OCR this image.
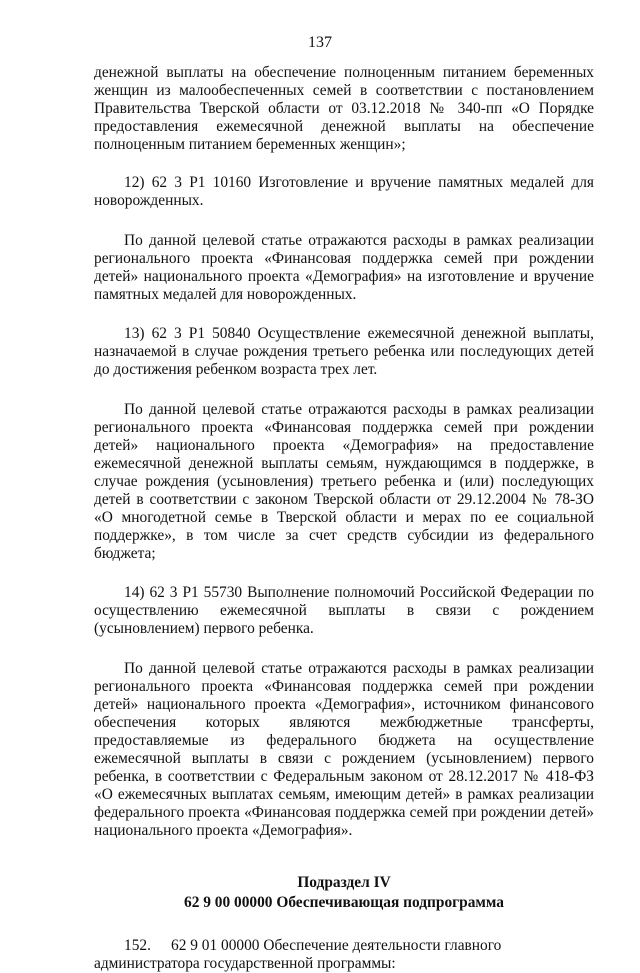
137

денежной выплаты на обеспечение полноценным питанием беременных женщин из малообеспеченных семей в соответствии с постановлением Правительства Тверской области от 03.12.2018 № 340-пп «О Порядке предоставления ежемесячной денежной выплаты на обеспечение полноценным питанием беременных женщин»;

12) 62 3 Р1 10160 Изготовление и вручение памятных медалей для новорожденных.

По данной целевой статье отражаются расходы в рамках реализации регионального проекта «Финансовая поддержка семей при рождении детей» национального проекта «Демография» на изготовление и вручение памятных медалей для новорожденных.

13) 62 3 Р1 50840 Осуществление ежемесячной денежной выплаты, назначаемой в случае рождения третьего ребенка или последующих детей до достижения ребенком возраста трех лет.

По данной целевой статье отражаются расходы в рамках реализации регионального проекта «Финансовая поддержка семей при рождении детей» национального проекта «Демография» на предоставление ежемесячной денежной выплаты семьям, нуждающимся в поддержке, в случае рождения (усыновления) третьего ребенка и (или) последующих детей в соответствии с законом Тверской области от 29.12.2004 № 78-ЗО «О многодетной семье в Тверской области и мерах по ее социальной поддержке», в том числе за счет средств субсидии из федерального бюджета;

14) 62 3 Р1 55730 Выполнение полномочий Российской Федерации по осуществлению ежемесячной выплаты в связи с рождением (усыновлением) первого ребенка.

По данной целевой статье отражаются расходы в рамках реализации регионального проекта «Финансовая поддержка семей при рождении детей» национального проекта «Демография», источником финансового обеспечения которых являются межбюджетные трансферты, предоставляемые из федерального бюджета на осуществление ежемесячной выплаты в связи с рождением (усыновлением) первого ребенка, в соответствии с Федеральным законом от 28.12.2017 № 418-ФЗ «О ежемесячных выплатах семьям, имеющим детей» в рамках реализации федерального проекта «Финансовая поддержка семей при рождении детей» национального проекта «Демография».

Подраздел IV
62 9 00 00000 Обеспечивающая подпрограмма

152. 62 9 01 00000 Обеспечение деятельности главного администратора государственной программы:
